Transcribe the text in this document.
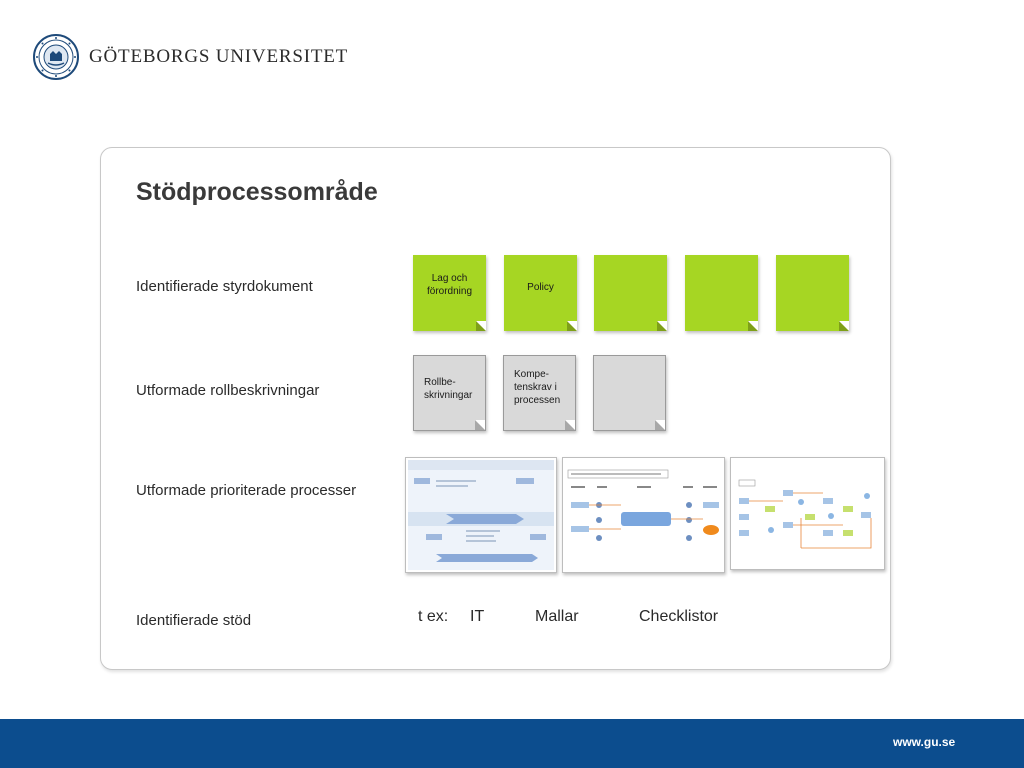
GÖTEBORGS UNIVERSITET
Stödprocessområde
Identifierade styrdokument
Utformade rollbeskrivningar
Utformade prioriterade processer
Identifierade stöd
Lag och förordning	Policy
Rollbe-skrivningar
Kompe-tenskrav i processen
t ex: IT	Mallar	Checklistor
www.gu.se
